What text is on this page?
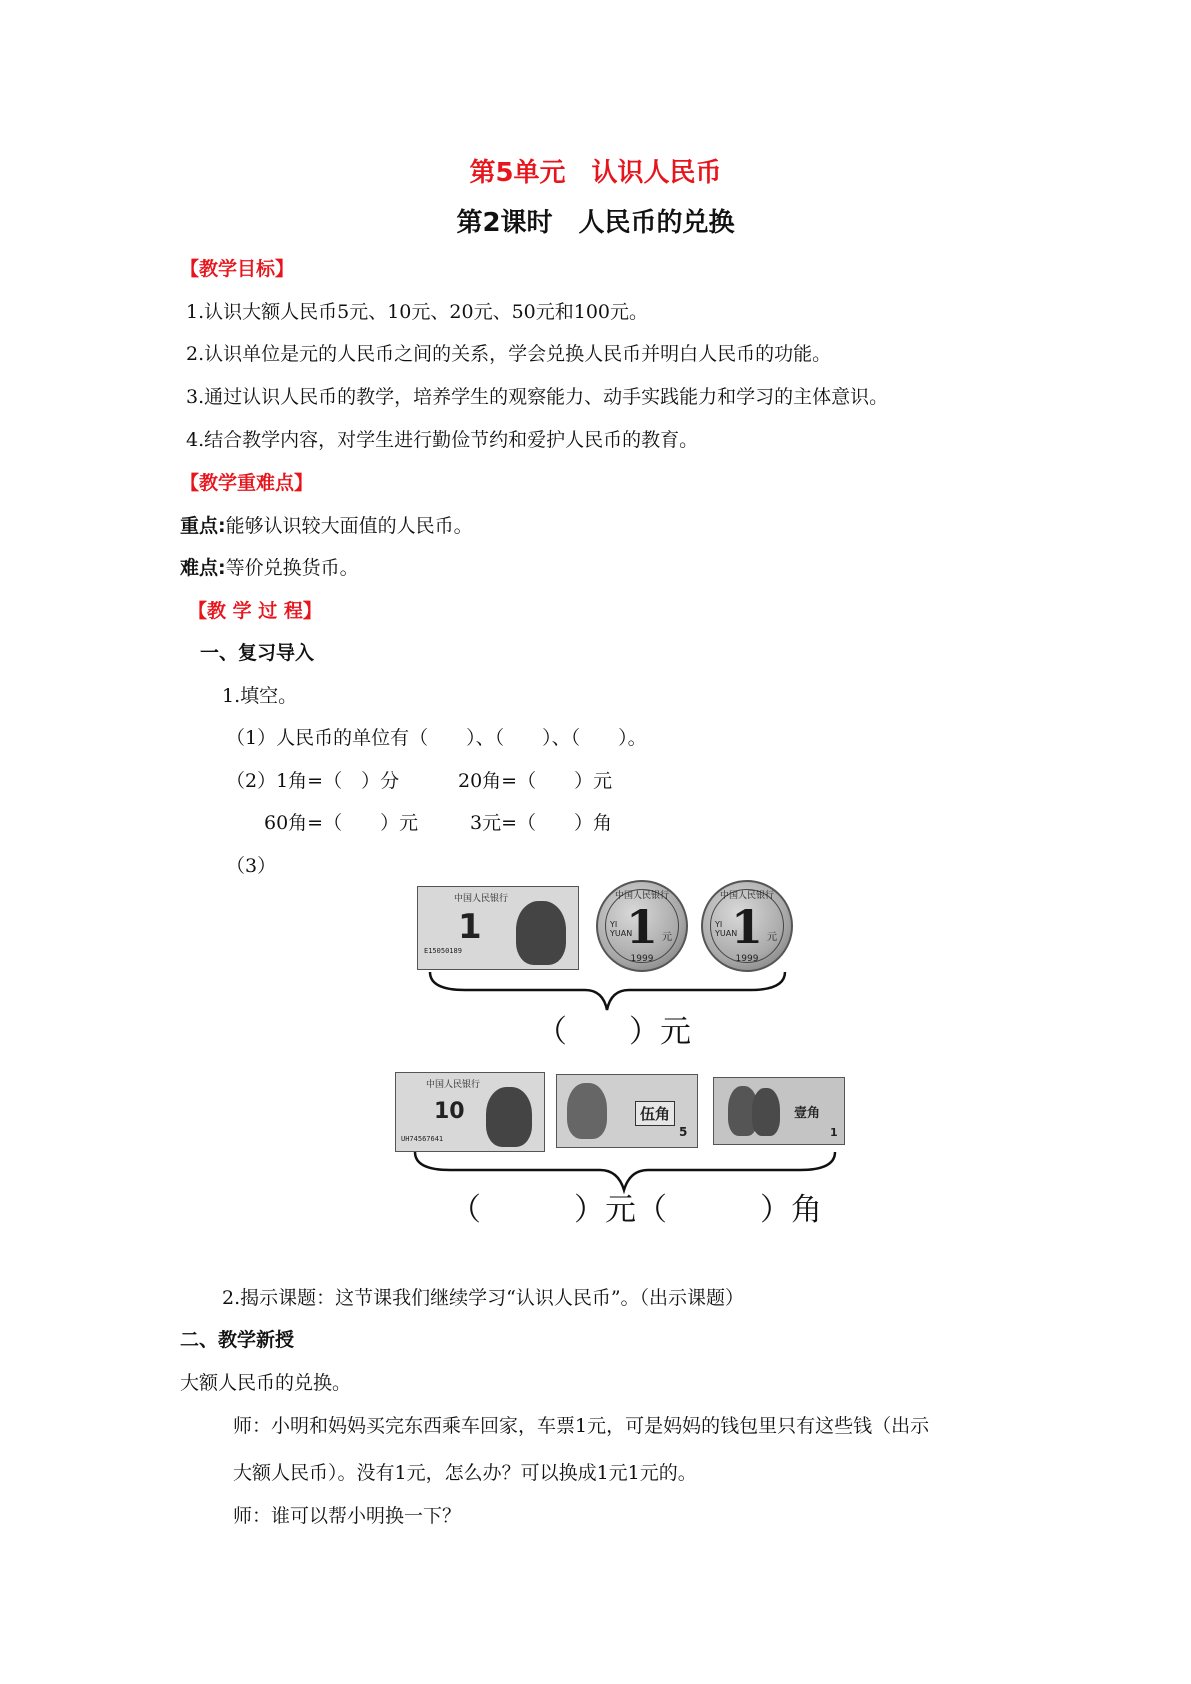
第5单元　认识人民币
第2课时　人民币的兑换
【教学目标】
1.认识大额人民币5元、10元、20元、50元和100元。
2.认识单位是元的人民币之间的关系，学会兑换人民币并明白人民币的功能。
3.通过认识人民币的教学，培养学生的观察能力、动手实践能力和学习的主体意识。
4.结合教学内容，对学生进行勤俭节约和爱护人民币的教育。
【教学重难点】
重点:能够认识较大面值的人民币。
难点:等价兑换货币。
【教 学 过 程】
一、复习导入
1.填空。
（1）人民币的单位有（　　）、（　　）、（　　）。
（2）1角=（　）分	20角=（　　）元
60角=（　　）元	3元=（　　）角
（3）
中国人民银行
1
E15050189
中国人民银行
1
YI
YUAN	元
1999
中国人民银行
1
YI
YUAN	元
1999
（　　）元
中国人民银行
10
UH74567641
伍角
5
壹角
1
（　　　）元（　　　）角
2.揭示课题：这节课我们继续学习“认识人民币”。（出示课题）
二、教学新授
大额人民币的兑换。
师：小明和妈妈买完东西乘车回家，车票1元，可是妈妈的钱包里只有这些钱（出示
大额人民币）。没有1元，怎么办？可以换成1元1元的。
师：谁可以帮小明换一下？
